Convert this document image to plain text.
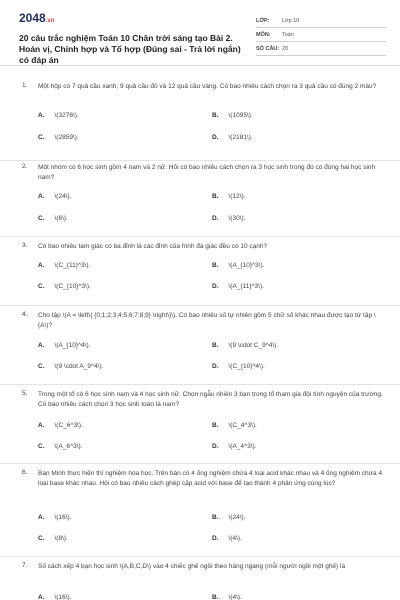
2048.vn
20 câu trắc nghiệm Toán 10 Chân trời sáng tạo Bài 2. Hoán vị, Chỉnh hợp và Tổ hợp (Đúng sai - Trả lời ngắn) có đáp án
LỚP: Lớp 10
MÔN: Toán
SỐ CÂU: 20
1. Một hộp có 7 quả cầu xanh, 9 quả cầu đỏ và 12 quả cầu vàng. Có bao nhiêu cách chọn ra 3 quả cầu có đúng 2 màu?
A. \(3276\).	B. \(1095\).
C. \(2859\).	D. \(2181\).
2. Một nhóm có 6 học sinh gồm 4 nam và 2 nữ. Hỏi có bao nhiêu cách chọn ra 3 học sinh trong đó có đúng hai học sinh nam?
A. \(24\).	B. \(12\).
C. \(6\).	D. \(30\).
3. Có bao nhiêu tam giác có ba đỉnh là các đỉnh của hình đa giác đều có 10 cạnh?
A. \(C_{11}^3\).	B. \(A_{10}^3\).
C. \(C_{10}^3\).	D. \(A_{11}^3\).
4. Cho tập \(A = \left\{ {0;1;2;3;4;5;6;7;8;9} \right\}\). Có bao nhiêu số tự nhiên gồm 5 chữ số khác nhau được tạo từ tập \(A\)?
A. \(A_{10}^4\).	B. \(9 \cdot C_9^4\).
C. \(9 \cdot A_9^4\).	D. \(C_{10}^4\).
5. Trong một tổ có 6 học sinh nam và 4 học sinh nữ. Chọn ngẫu nhiên 3 bạn trong tổ tham gia đội tình nguyện của trường. Có bao nhiêu cách chọn 3 học sinh toàn là nam?
A. \(C_6^3\).	B. \(C_4^3\).
C. \(A_6^3\).	D. \(A_4^3\).
6. Bạn Minh thực hiện thí nghiệm hóa học. Trên bàn có 4 ống nghiệm chứa 4 loại acid khác nhau và 4 ống nghiệm chứa 4 loại base khác nhau. Hỏi có bao nhiêu cách ghép cặp acid với base để tạo thành 4 phản ứng cùng lúc?
A. \(16\).	B. \(24\).
C. \(8\).	D. \(4\).
7. Số cách xếp 4 bạn học sinh \(A,B,C,D\) vào 4 chiếc ghế ngồi theo hàng ngang (mỗi người ngồi một ghế) là
A. \(16\).	B. \(4\).
